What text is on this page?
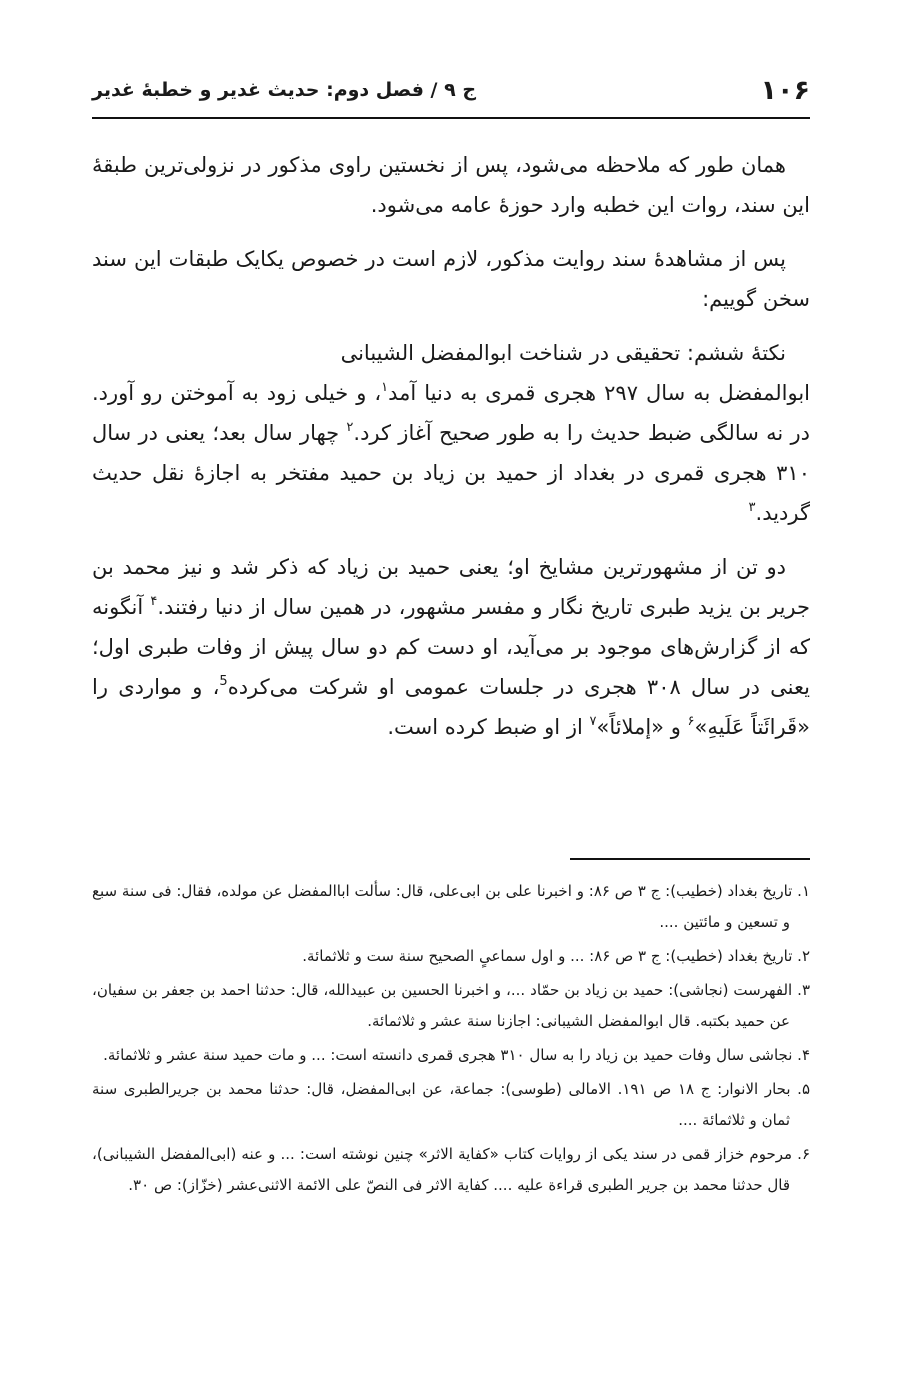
۱۰۶
ج ۹ / فصل دوم: حدیث غدیر و خطبهٔ غدیر

همان طور که ملاحظه می‌شود، پس از نخستین راوی مذکور در نزولی‌ترین طبقهٔ این سند، روات این خطبه وارد حوزهٔ عامه می‌شود.

پس از مشاهدهٔ سند روایت مذکور، لازم است در خصوص یکایک طبقات این سند سخن گوییم:

نکتهٔ ششم: تحقیقی در شناخت ابوالمفضل الشیبانی

ابوالمفضل به سال ۲۹۷ هجری قمری به دنیا آمد$^۱$، و خیلی زود به آموختن رو آورد. در نه سالگی ضبط حدیث را به طور صحیح آغاز کرد.$^۲$ چهار سال بعد؛ یعنی در سال ۳۱۰ هجری قمری در بغداد از حمید بن زیاد بن حمید مفتخر به اجازهٔ نقل حدیث گردید.$^۳$

دو تن از مشهورترین مشایخ او؛ یعنی حمید بن زیاد که ذکر شد و نیز محمد بن جریر بن یزید طبری تاریخ نگار و مفسر مشهور، در همین سال از دنیا رفتند.$^۴$ آنگونه که از گزارش‌های موجود بر می‌آید، او دست کم دو سال پیش از وفات طبری اول؛ یعنی در سال ۳۰۸ هجری در جلسات عمومی او شرکت می‌کرده$^5$، و مواردی را «قَرائَتاً عَلَیهِ»$^۶$ و «إملائاً»$^۷$ از او ضبط کرده است.

۱. تاریخ بغداد (خطیب): ج ۳ ص ۸۶: و اخبرنا علی بن ابی‌علی، قال: سألت اباالمفضل عن مولده، فقال: فی سنة سبع و تسعین و مائتین ....

۲. تاریخ بغداد (خطیب): ج ۳ ص ۸۶: ... و اول سماعیٍ الصحیح سنة ست و ثلاثمائة.

۳. الفهرست (نجاشی): حمید بن زیاد بن حمّاد ...، و اخبرنا الحسین بن عبیدالله، قال: حدثنا احمد بن جعفر بن سفیان، عن حمید بکتبه. قال ابوالمفضل الشیبانی: اجازنا سنة عشر و ثلاثمائة.

۴. نجاشی سال وفات حمید بن زیاد را به سال ۳۱۰ هجری قمری دانسته است: ... و مات حمید سنة عشر و ثلاثمائة.

۵. بحار الانوار: ج ۱۸ ص ۱۹۱. الامالی (طوسی): جماعة، عن ابی‌المفضل، قال: حدثنا محمد بن جریرالطبری سنة ثمان و ثلاثمائة ....

۶. مرحوم خزاز قمی در سند یکی از روایات کتاب «کفایة الاثر» چنین نوشته است: ... و عنه (ابی‌المفضل الشیبانی)، قال حدثنا محمد بن جریر الطبری قراءة علیه .... کفایة الاثر فی النصّ علی الائمة الاثنی‌عشر (خزّاز): ص ۳۰.
